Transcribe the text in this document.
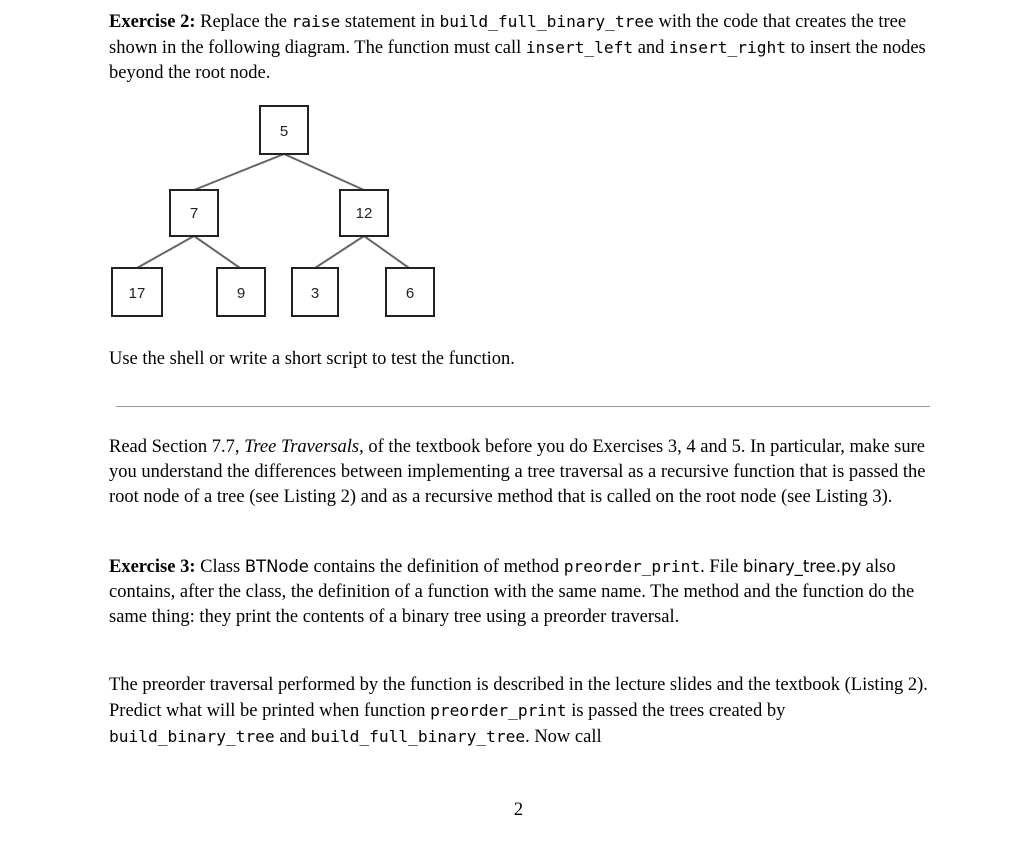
Exercise 2: Replace the raise statement in build_full_binary_tree with the code that creates the tree shown in the following diagram. The function must call insert_left and insert_right to insert the nodes beyond the root node.

5
7	12
17	9	3	6

Use the shell or write a short script to test the function.

Read Section 7.7, Tree Traversals, of the textbook before you do Exercises 3, 4 and 5. In particular, make sure you understand the differences between implementing a tree traversal as a recursive function that is passed the root node of a tree (see Listing 2) and as a recursive method that is called on the root node (see Listing 3).

Exercise 3: Class BTNode contains the definition of method preorder_print. File binary_tree.py also contains, after the class, the definition of a function with the same name. The method and the function do the same thing: they print the contents of a binary tree using a preorder traversal.

The preorder traversal performed by the function is described in the lecture slides and the textbook (Listing 2). Predict what will be printed when function preorder_print is passed the trees created by build_binary_tree and build_full_binary_tree. Now call

2
